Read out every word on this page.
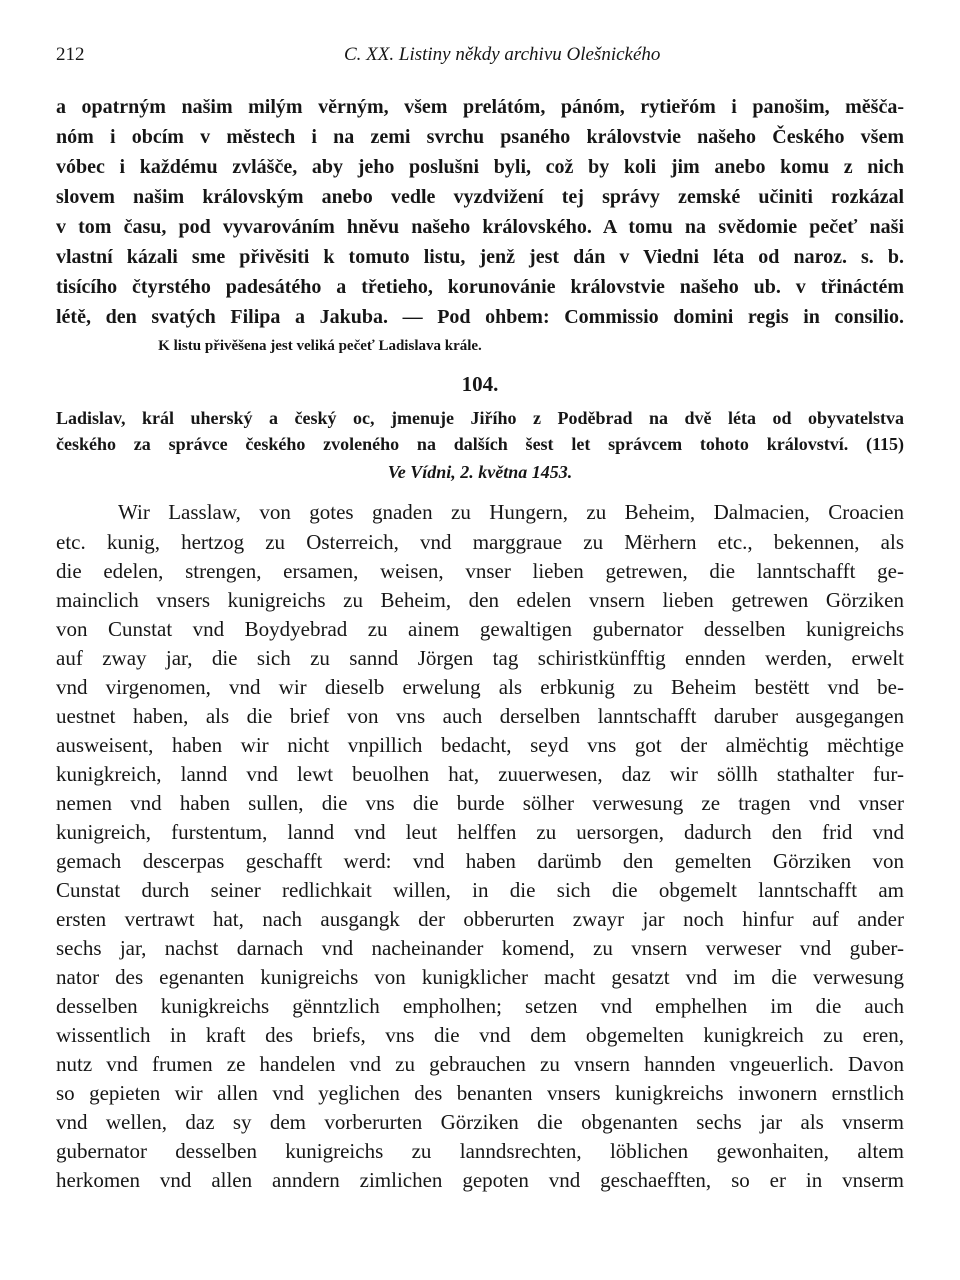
212	C. XX. Listiny někdy archivu Olešnického
a opatrným našim milým věrným, všem prelátóm, pánóm, rytieřóm i panošim, měšča-
nóm i obcím v městech i na zemi svrchu psaného královstvie našeho Českého všem
vóbec i každému zvlášče, aby jeho poslušni byli, což by koli jim anebo komu z nich
slovem našim královským anebo vedle vyzdvižení tej správy zemské učiniti rozkázal
v tom času, pod vyvarováním hněvu našeho královského. A tomu na svědomie pečeť naši
vlastní kázali sme přivěsiti k tomuto listu, jenž jest dán v Viedni léta od naroz. s. b.
tisícího čtyrstého padesátého a třetieho, korunovánie královstvie našeho ub. v třináctém
létě, den svatých Filipa a Jakuba. — Pod ohbem: Commissio domini regis in consilio.
K listu přivěšena jest veliká pečeť Ladislava krále.
104.
Ladislav, král uherský a český oc, jmenuje Jiřího z Poděbrad na dvě léta od obyvatelstva
českého za správce českého zvoleného na dalších šest let správcem tohoto království. (115)
Ve Vídni, 2. května 1453.
Wir Lasslaw, von gotes gnaden zu Hungern, zu Beheim, Dalmacien, Croacien
etc. kunig, hertzog zu Osterreich, vnd marggraue zu Mërhern etc., bekennen, als
die edelen, strengen, ersamen, weisen, vnser lieben getrewen, die lanntschafft ge-
mainclich vnsers kunigreichs zu Beheim, den edelen vnsern lieben getrewen Görziken
von Cunstat vnd Boydyebrad zu ainem gewaltigen gubernator desselben kunigreichs
auf zway jar, die sich zu sannd Jörgen tag schiristkünfftig ennden werden, erwelt
vnd virgenomen, vnd wir dieselb erwelung als erbkunig zu Beheim bestëtt vnd be-
uestnet haben, als die brief von vns auch derselben lanntschafft daruber ausgegangen
ausweisent, haben wir nicht vnpillich bedacht, seyd vns got der almëchtig mëchtige
kunigkreich, lannd vnd lewt beuolhen hat, zuuerwesen, daz wir söllh stathalter fur-
nemen vnd haben sullen, die vns die burde sölher verwesung ze tragen vnd vnser
kunigreich, furstentum, lannd vnd leut helffen zu uersorgen, dadurch den frid vnd
gemach descerpas geschafft werd: vnd haben darümb den gemelten Görziken von
Cunstat durch seiner redlichkait willen, in die sich die obgemelt lanntschafft am
ersten vertrawt hat, nach ausgangk der obberurten zwayr jar noch hinfur auf ander
sechs jar, nachst darnach vnd nacheinander komend, zu vnsern verweser vnd guber-
nator des egenanten kunigreichs von kunigklicher macht gesatzt vnd im die verwesung
desselben kunigkreichs gënntzlich empholhen; setzen vnd emphelhen im die auch
wissentlich in kraft des briefs, vns die vnd dem obgemelten kunigkreich zu eren,
nutz vnd frumen ze handelen vnd zu gebrauchen zu vnsern hannden vngeuerlich. Davon
so gepieten wir allen vnd yeglichen des benanten vnsers kunigkreichs inwonern ernstlich
vnd wellen, daz sy dem vorberurten Görziken die obgenanten sechs jar als vnserm
gubernator desselben kunigreichs zu lanndsrechten, löblichen gewonhaiten, altem
herkomen vnd allen anndern zimlichen gepoten vnd geschaefften, so er in vnserm
